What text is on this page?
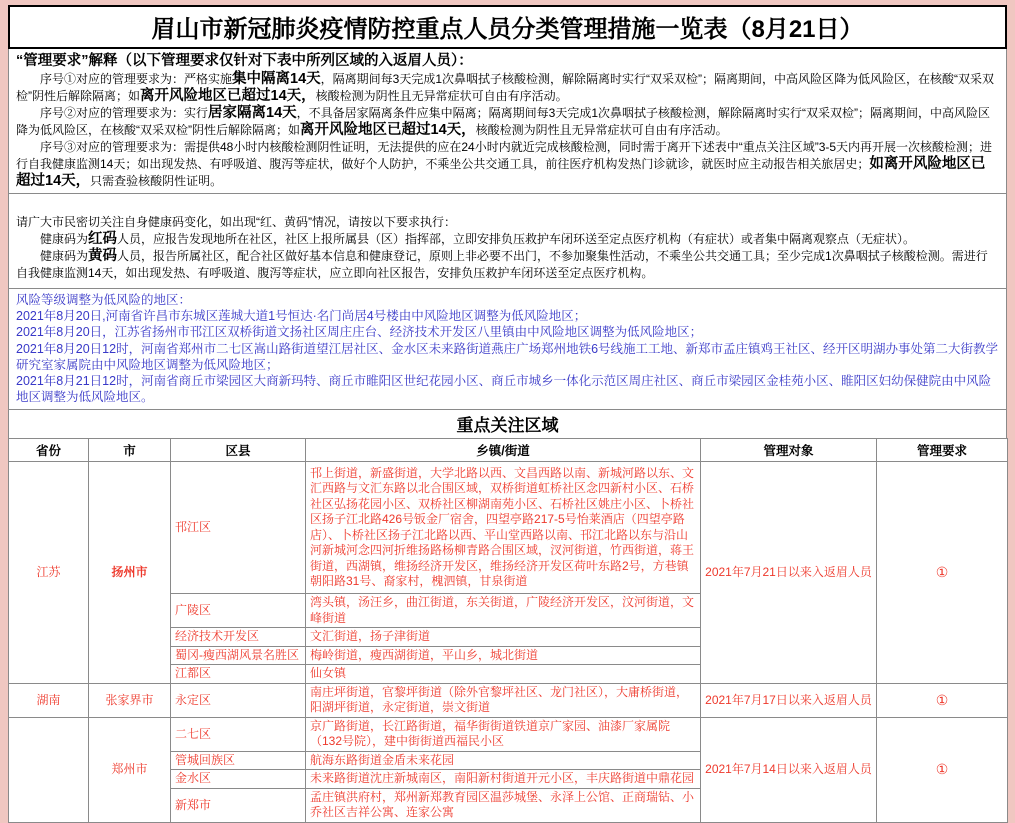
眉山市新冠肺炎疫情防控重点人员分类管理措施一览表（8月21日）
“管理要求”解释（以下管理要求仅针对下表中所列区域的入返眉人员）：

序号①对应的管理要求为：严格实施集中隔离14天，隔离期间每3天完成1次鼻咽拭子核酸检测，解除隔离时实行“双采双检”；隔离期间，中高风险区降为低风险区，在核酸“双采双检”阴性后解除隔离；如离开风险地区已超过14天，核酸检测为阴性且无异常症状可自由有序活动。

序号②对应的管理要求为：实行居家隔离14天，不具备居家隔离条件应集中隔离；隔离期间每3天完成1次鼻咽拭子核酸检测，解除隔离时实行“双采双检”；隔离期间，中高风险区降为低风险区，在核酸“双采双检”阴性后解除隔离；如离开风险地区已超过14天，核酸检测为阴性且无异常症状可自由有序活动。

序号③对应的管理要求为：需提供48小时内核酸检测阴性证明，无法提供的应在24小时内就近完成核酸检测，同时需于离开下述表中“重点关注区域”3-5天内再开展一次核酸检测；进行自我健康监测14天；如出现发热、有呼吸道、腹泻等症状，做好个人防护，不乘坐公共交通工具，前往医疗机构发热门诊就诊，就医时应主动报告相关旅居史；如离开风险地区已超过14天，只需查验核酸阴性证明。

请广大市民密切关注自身健康码变化，如出现“红、黄码”情况，请按以下要求执行：

健康码为红码人员，应报告发现地所在社区，社区上报所属县（区）指挥部，立即安排负压救护车闭环送至定点医疗机构（有症状）或者集中隔离观察点（无症状）。

健康码为黄码人员，报告所属社区，配合社区做好基本信息和健康登记，原则上非必要不出门，不参加聚集性活动，不乘坐公共交通工具；至少完成1次鼻咽拭子核酸检测。需进行自我健康监测14天，如出现发热、有呼吸道、腹泻等症状，应立即向社区报告，安排负压救护车闭环送至定点医疗机构。

风险等级调整为低风险的地区：
2021年8月20日,河南省许昌市东城区莲城大道1号恒达·名门尚居4号楼由中风险地区调整为低风险地区；
2021年8月20日，江苏省扬州市邗江区双桥街道文扬社区周庄庄台、经济技术开发区八里镇由中风险地区调整为低风险地区；
2021年8月20日12时，河南省郑州市二七区嵩山路街道望江居社区、金水区未来路街道燕庄广场郑州地铁6号线施工工地、新郑市孟庄镇鸡王社区、经开区明湖办事处第二大街教学研究室家属院由中风险地区调整为低风险地区；
2021年8月21日12时，河南省商丘市梁园区大商新玛特、商丘市睢阳区世纪花园小区、商丘市城乡一体化示范区周庄社区、商丘市梁园区金桂苑小区、睢阳区妇幼保健院由中风险地区调整为低风险地区。
重点关注区域
省份	市	区县	乡镇/街道	管理对象	管理要求
江苏	扬州市	邗江区	邗上街道，新盛街道，大学北路以西、文昌西路以南、新城河路以东、文汇西路与文汇东路以北合围区域，双桥街道虹桥社区念四新村小区、石桥社区弘扬花园小区、双桥社区柳湖南苑小区、石桥社区姚庄小区、卜桥社区扬子江北路426号钣金厂宿舍，四望亭路217-5号怡莱酒店（四望亭路店）、卜桥社区扬子江北路以西、平山堂西路以南、邗江北路以东与沿山河新城河念四河折维扬路杨柳青路合围区域，汊河街道，竹西街道，蒋王街道，西湖镇，维扬经济开发区，维扬经济开发区荷叶东路2号，方巷镇朝阳路31号、裔家村，槐泗镇，甘泉街道	2021年7月21日以来入返眉人员	①
		广陵区	湾头镇，汤汪乡，曲江街道，东关街道，广陵经济开发区，汶河街道，文峰街道		
		经济技术开发区	文汇街道，扬子津街道		
		蜀冈-瘦西湖风景名胜区	梅岭街道，瘦西湖街道，平山乡，城北街道		
		江都区	仙女镇		
湖南	张家界市	永定区	南庄坪街道，官黎坪街道（除外官黎坪社区、龙门社区），大庸桥街道，阳湖坪街道，永定街道，崇文街道	2021年7月17日以来入返眉人员	①
	郑州市	二七区	京广路街道，长江路街道，福华街街道铁道京广家园、油漆厂家属院（132号院），建中街街道西福民小区	2021年7月14日以来入返眉人员	①
		管城回族区	航海东路街道金盾未来花园		
		金水区	未来路街道沈庄新城南区，南阳新村街道开元小区，丰庆路街道中鼎花园		
		新郑市	孟庄镇洪府村，郑州新郑教育园区温莎城堡、永泽上公馆、正商瑞钻、小乔社区吉祥公寓、连家公寓		
